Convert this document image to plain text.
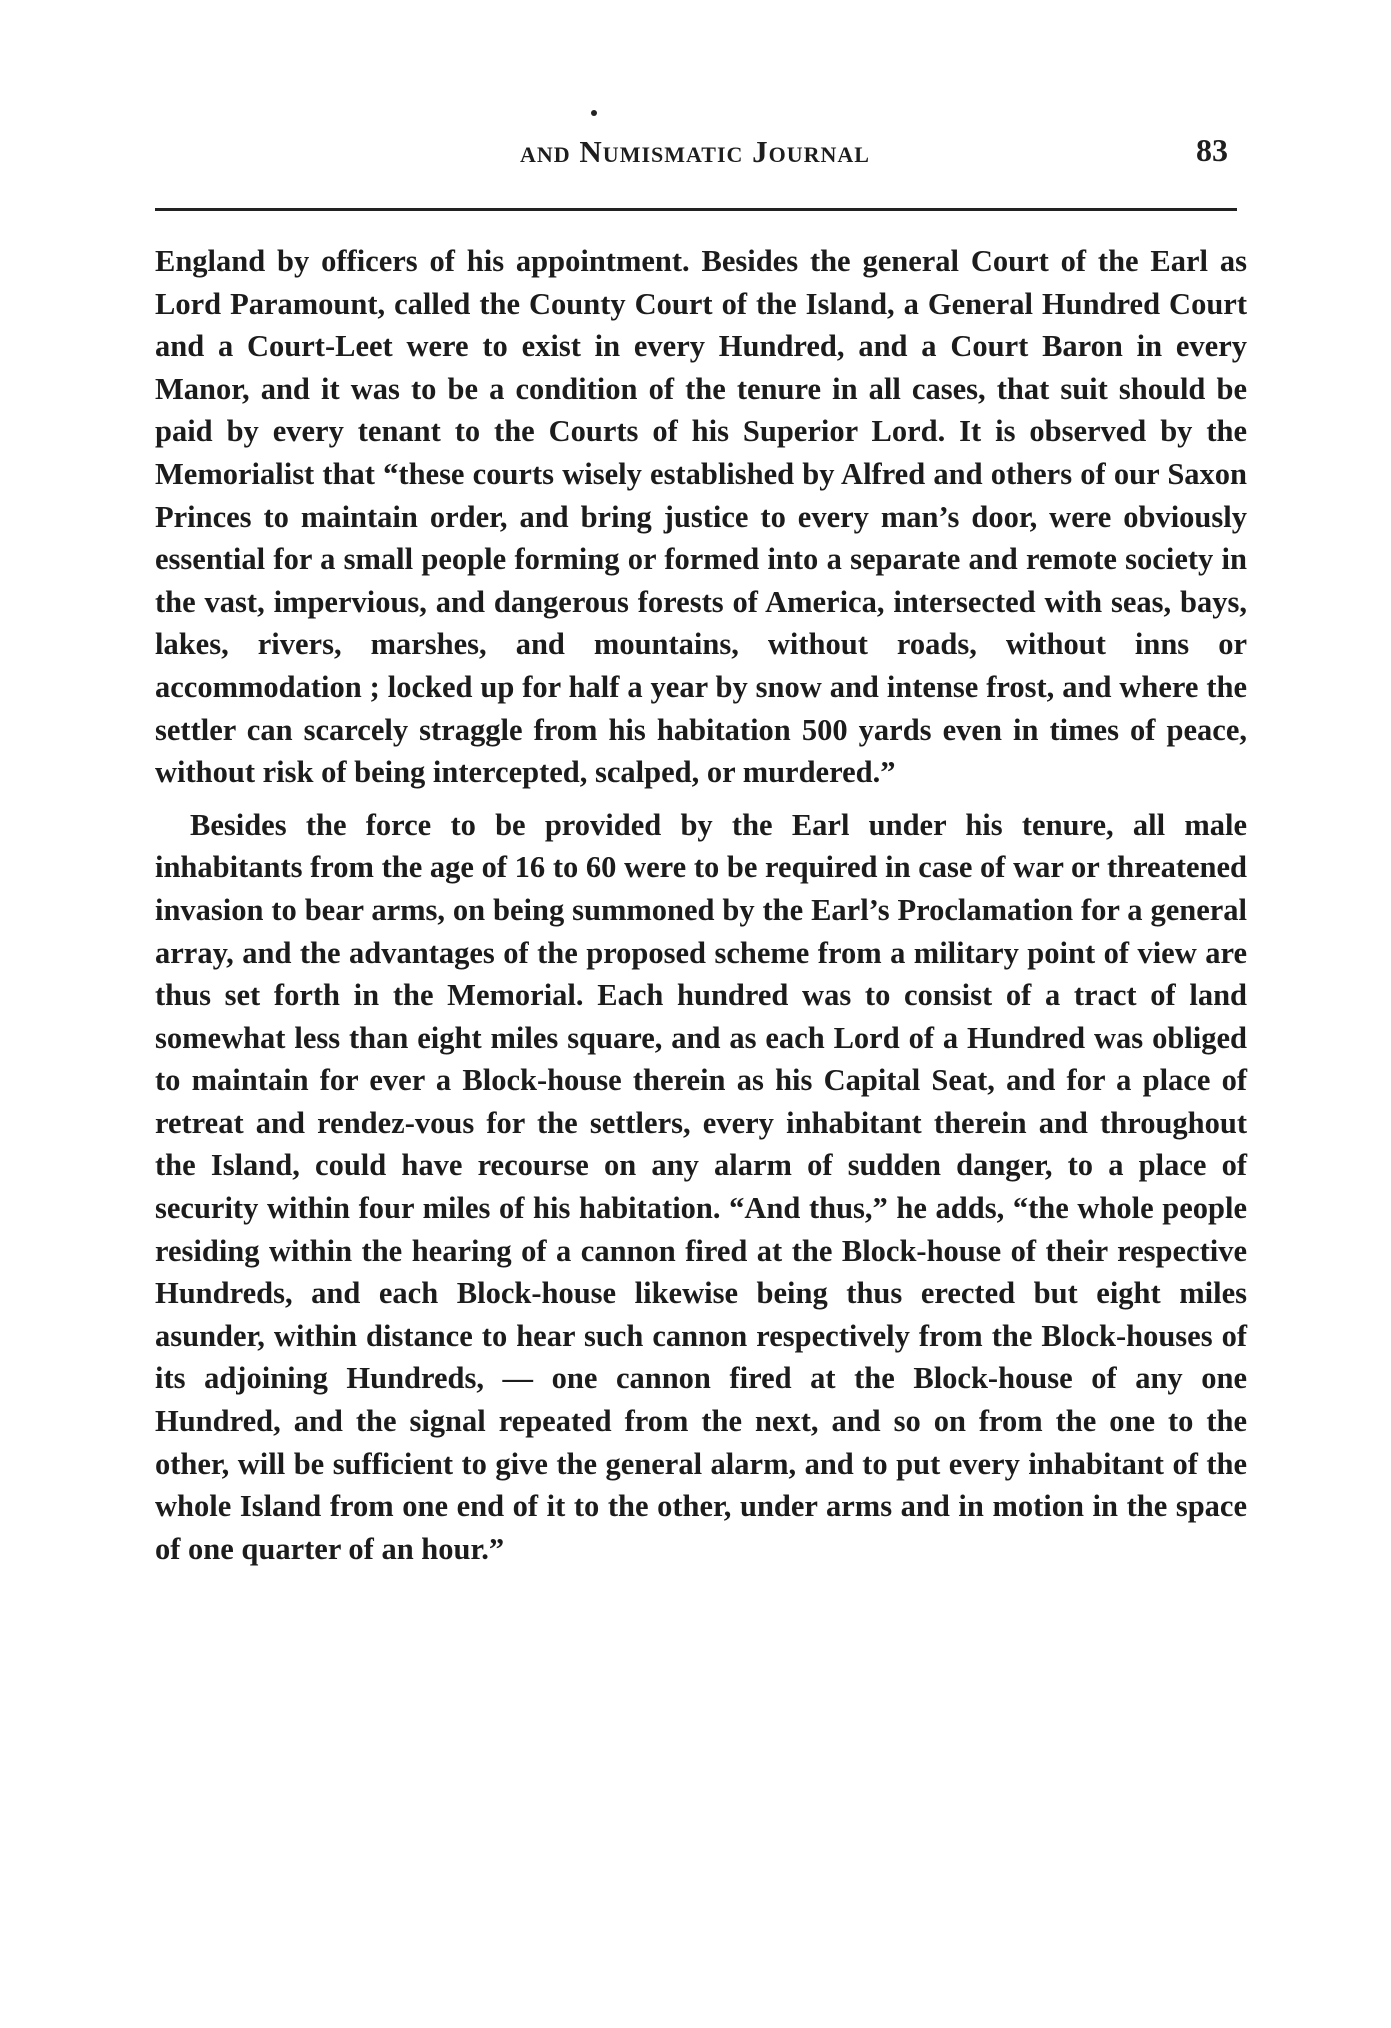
and Numismatic Journal	83

England by officers of his appointment. Besides the general Court of the Earl as Lord Paramount, called the County Court of the Island, a General Hundred Court and a Court-Leet were to exist in every Hundred, and a Court Baron in every Manor, and it was to be a condition of the tenure in all cases, that suit should be paid by every tenant to the Courts of his Superior Lord. It is observed by the Memorialist that “these courts wisely established by Alfred and others of our Saxon Princes to maintain order, and bring justice to every man’s door, were obviously essential for a small people forming or formed into a separate and remote society in the vast, impervious, and dangerous forests of America, intersected with seas, bays, lakes, rivers, marshes, and mountains, without roads, without inns or accommodation ; locked up for half a year by snow and intense frost, and where the settler can scarcely straggle from his habitation 500 yards even in times of peace, without risk of being intercepted, scalped, or murdered.”

Besides the force to be provided by the Earl under his tenure, all male inhabitants from the age of 16 to 60 were to be required in case of war or threatened invasion to bear arms, on being summoned by the Earl’s Proclamation for a general array, and the advantages of the proposed scheme from a military point of view are thus set forth in the Memorial. Each hundred was to consist of a tract of land somewhat less than eight miles square, and as each Lord of a Hundred was obliged to maintain for ever a Block-house therein as his Capital Seat, and for a place of retreat and rendez-vous for the settlers, every inhabitant therein and throughout the Island, could have recourse on any alarm of sudden danger, to a place of security within four miles of his habitation. “And thus,” he adds, “the whole people residing within the hearing of a cannon fired at the Block-house of their respective Hundreds, and each Block-house likewise being thus erected but eight miles asunder, within distance to hear such cannon respectively from the Block-houses of its adjoining Hundreds, — one cannon fired at the Block-house of any one Hundred, and the signal repeated from the next, and so on from the one to the other, will be sufficient to give the general alarm, and to put every inhabitant of the whole Island from one end of it to the other, under arms and in motion in the space of one quarter of an hour.”
